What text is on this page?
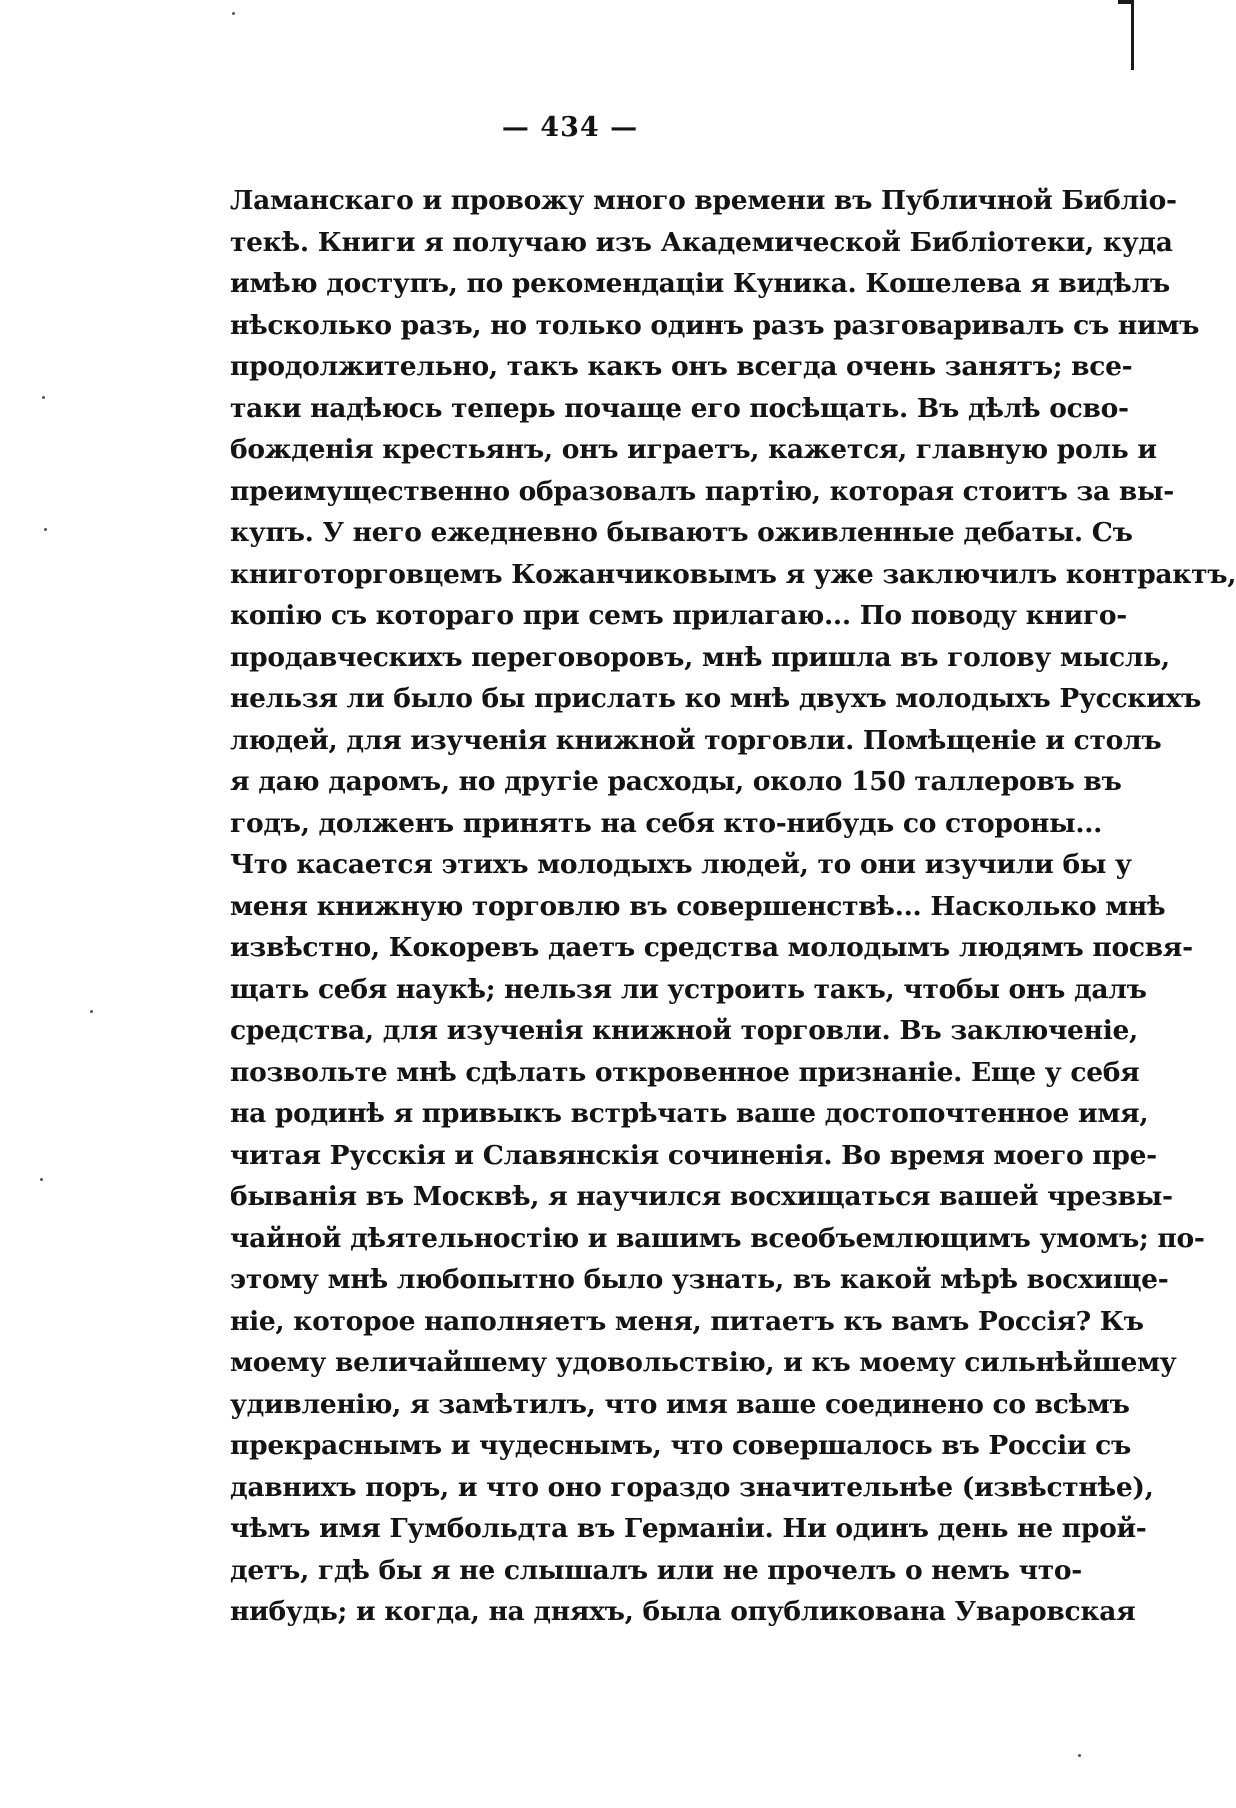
— 434 —
Ламанскаго и провожу много времени въ Публичной Библіо-
текѣ. Книги я получаю изъ Академической Библіотеки, куда
имѣю доступъ, по рекомендаціи Куника. Кошелева я видѣлъ
нѣсколько разъ, но только одинъ разъ разговаривалъ съ нимъ
продолжительно, такъ какъ онъ всегда очень занятъ; все-
таки надѣюсь теперь почаще его посѣщать. Въ дѣлѣ осво-
божденія крестьянъ, онъ играетъ, кажется, главную роль и
преимущественно образовалъ партію, которая стоитъ за вы-
купъ. У него ежедневно бываютъ оживленные дебаты. Съ
книготорговцемъ Кожанчиковымъ я уже заключилъ контрактъ,
копію съ котораго при семъ прилагаю... По поводу книго-
продавческихъ переговоровъ, мнѣ пришла въ голову мысль,
нельзя ли было бы прислать ко мнѣ двухъ молодыхъ Русскихъ
людей, для изученія книжной торговли. Помѣщеніе и столъ
я даю даромъ, но другіе расходы, около 150 таллеровъ въ
годъ, долженъ принять на себя кто-нибудь со стороны...
Что касается этихъ молодыхъ людей, то они изучили бы у
меня книжную торговлю въ совершенствѣ... Насколько мнѣ
извѣстно, Кокоревъ даетъ средства молодымъ людямъ посвя-
щать себя наукѣ; нельзя ли устроить такъ, чтобы онъ далъ
средства, для изученія книжной торговли. Въ заключеніе,
позвольте мнѣ сдѣлать откровенное признаніе. Еще у себя
на родинѣ я привыкъ встрѣчать ваше достопочтенное имя,
читая Русскія и Славянскія сочиненія. Во время моего пре-
быванія въ Москвѣ, я научился восхищаться вашей чрезвы-
чайной дѣятельностію и вашимъ всеобъемлющимъ умомъ; по-
этому мнѣ любопытно было узнать, въ какой мѣрѣ восхище-
ніе, которое наполняетъ меня, питаетъ къ вамъ Россія? Къ
моему величайшему удовольствію, и къ моему сильнѣйшему
удивленію, я замѣтилъ, что имя ваше соединено со всѣмъ
прекраснымъ и чудеснымъ, что совершалось въ Россіи съ
давнихъ поръ, и что оно гораздо значительнѣе (извѣстнѣе),
чѣмъ имя Гумбольдта въ Германіи. Ни одинъ день не прой-
детъ, гдѣ бы я не слышалъ или не прочелъ о немъ что-
нибудь; и когда, на дняхъ, была опубликована Уваровская
